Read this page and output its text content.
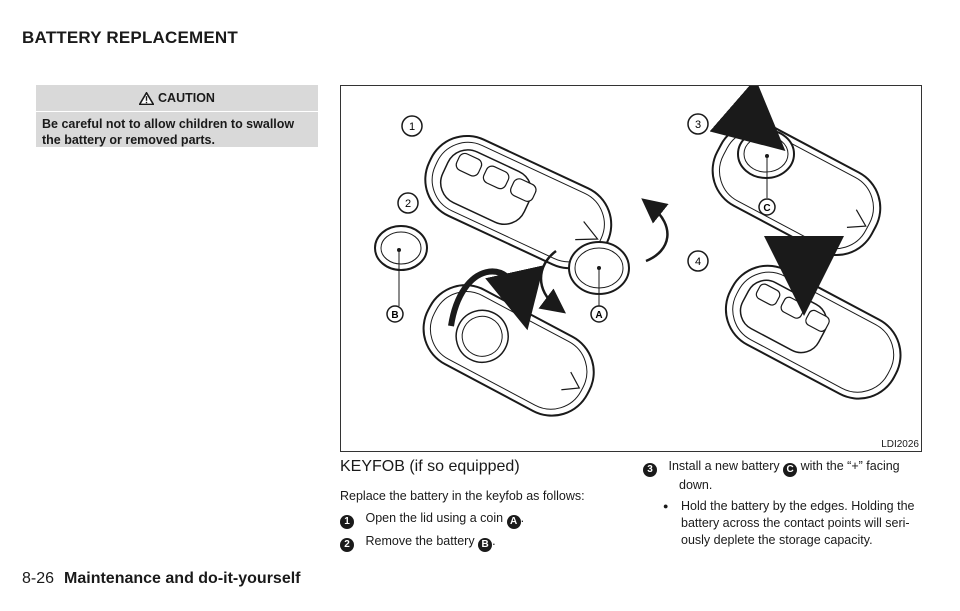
BATTERY REPLACEMENT
CAUTION
Be careful not to allow children to swallow
the battery or removed parts.
1
2
3
4
A
B
C
LDI2026
KEYFOB (if so equipped)
Replace the battery in the keyfob as follows:
1 Open the lid using a coin A .
2 Remove the battery B .
3 Install a new battery C with the “+” facing
down.
●	Hold the battery by the edges. Holding the
battery across the contact points will seri-
ously deplete the storage capacity.
8-26 Maintenance and do-it-yourself
